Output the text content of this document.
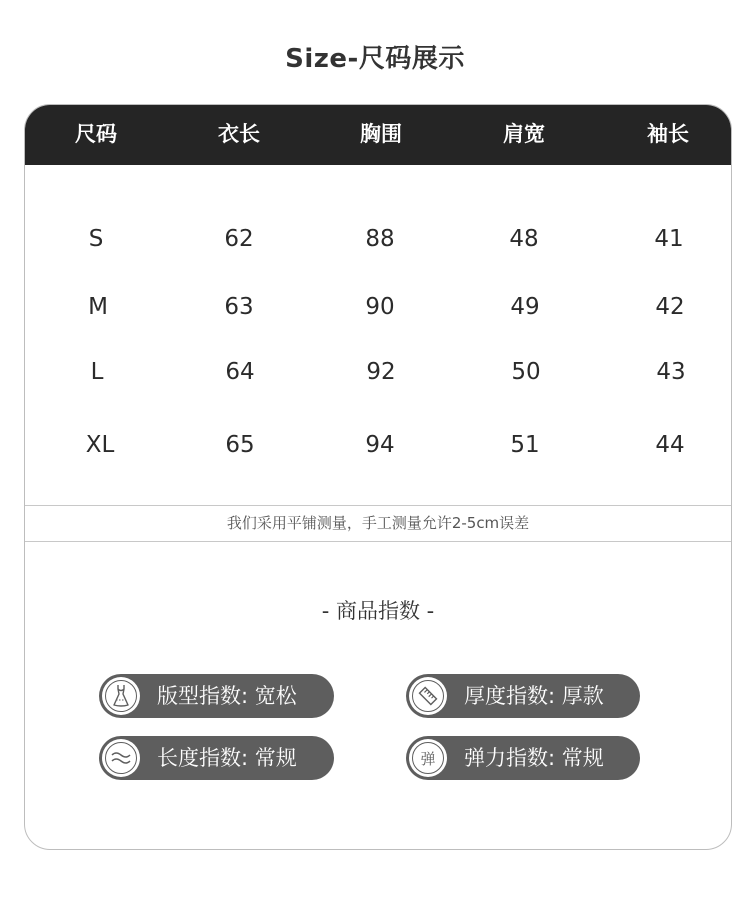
Size-尺码展示
尺码	衣长	胸围	肩宽	袖长
S	62	88	48	41
M	63	90	49	42
L	64	92	50	43
XL	65	94	51	44
我们采用平铺测量，手工测量允许2-5cm误差
- 商品指数 -
版型指数: 宽松	厚度指数: 厚款
长度指数: 常规	弹	弹力指数: 常规
